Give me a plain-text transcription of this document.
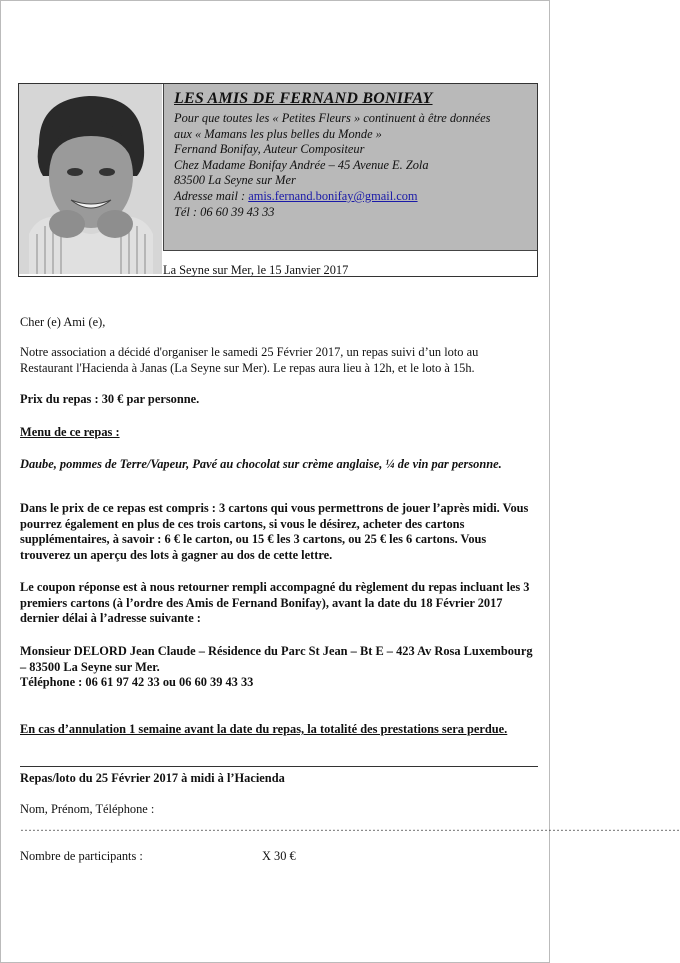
LES AMIS DE FERNAND BONIFAY
Pour que toutes les « Petites Fleurs » continuent à être données
aux « Mamans les plus belles du Monde »
Fernand Bonifay, Auteur Compositeur
Chez Madame Bonifay Andrée – 45 Avenue E. Zola
83500 La Seyne sur Mer
Adresse mail : amis.fernand.bonifay@gmail.com
Tél : 06 60 39 43 33
La Seyne sur Mer, le 15 Janvier 2017

Cher (e) Ami (e),

Notre association a décidé d'organiser le samedi 25 Février 2017, un repas suivi d’un loto au Restaurant l'Hacienda à Janas (La Seyne sur Mer). Le repas aura lieu à 12h, et le loto à 15h.

Prix du repas : 30 € par personne.

Menu de ce repas :

Daube, pommes de Terre/Vapeur, Pavé au chocolat sur crème anglaise, ¼ de vin par personne.

Dans le prix de ce repas est compris : 3 cartons qui vous permettrons de jouer l’après midi. Vous pourrez également en plus de ces trois cartons, si vous le désirez, acheter des cartons supplémentaires, à savoir : 6 € le carton, ou 15 € les 3 cartons, ou 25 € les 6 cartons. Vous trouverez un aperçu des lots à gagner au dos de cette lettre.

Le coupon réponse est à nous retourner rempli accompagné du règlement du repas incluant les 3 premiers cartons (à l’ordre des Amis de Fernand Bonifay), avant la date du 18 Février 2017 dernier délai à l’adresse suivante :

Monsieur DELORD Jean Claude – Résidence du Parc St Jean – Bt E – 423 Av Rosa Luxembourg – 83500 La Seyne sur Mer.

Téléphone : 06 61 97 42 33 ou 06 60 39 43 33

En cas d’annulation 1 semaine avant la date du repas, la totalité des prestations sera perdue.

Repas/loto du 25 Février 2017 à midi à l’Hacienda

Nom, Prénom, Téléphone :

…………………………………………………………………………………………………………………………………………………

Nombre de participants :	X 30 €
